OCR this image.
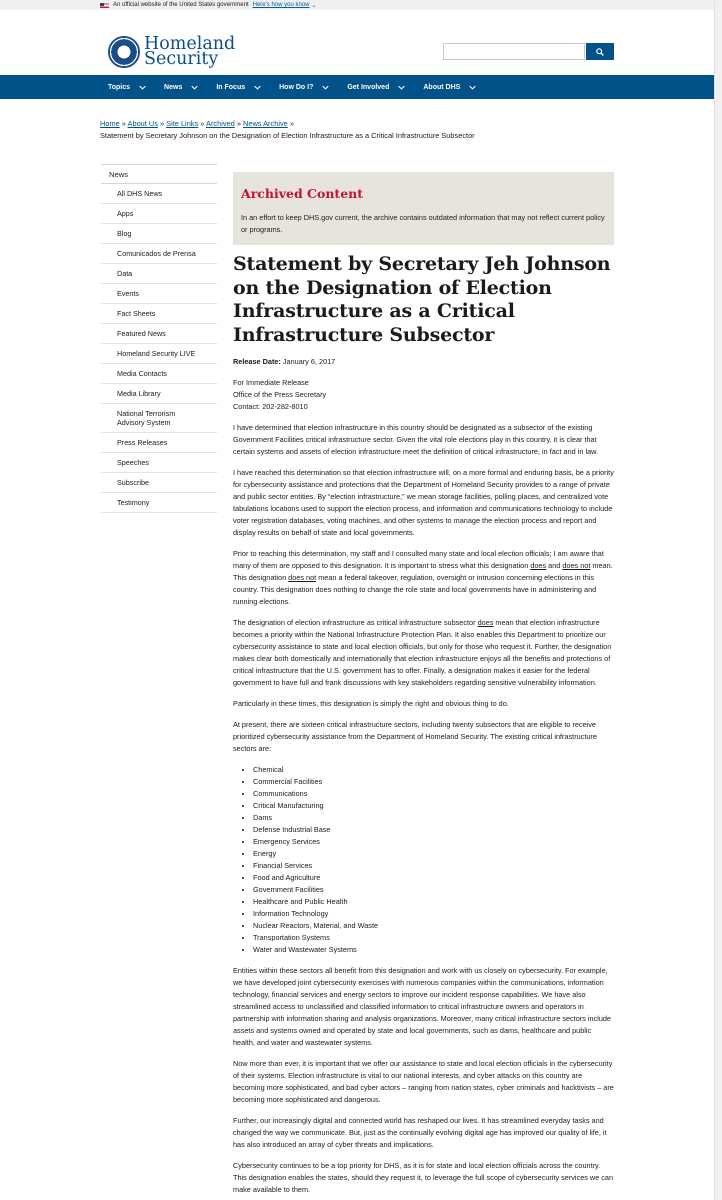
An official website of the United States government Here's how you know ⌄
Homeland
Security
Topics	News	In Focus	How Do I?	Get Involved	About DHS
Home » About Us » Site Links » Archived » News Archive »
Statement by Secretary Johnson on the Designation of Election Infrastructure as a Critical Infrastructure Subsector
News
All DHS News
Apps
Blog
Comunicados de Prensa
Data
Events
Fact Sheets
Featured News
Homeland Security LIVE
Media Contacts
Media Library
National Terrorism Advisory System
Press Releases
Speeches
Subscribe
Testimony
Archived Content

In an effort to keep DHS.gov current, the archive contains outdated information that may not reflect current policy or programs.

Statement by Secretary Jeh Johnson on the Designation of Election Infrastructure as a Critical Infrastructure Subsector
Release Date: January 6, 2017
For Immediate Release
Office of the Press Secretary
Contact: 202-282-8010

I have determined that election infrastructure in this country should be designated as a subsector of the existing Government Facilities critical infrastructure sector. Given the vital role elections play in this country, it is clear that certain systems and assets of election infrastructure meet the definition of critical infrastructure, in fact and in law.

I have reached this determination so that election infrastructure will, on a more formal and enduring basis, be a priority for cybersecurity assistance and protections that the Department of Homeland Security provides to a range of private and public sector entities. By “election infrastructure,” we mean storage facilities, polling places, and centralized vote tabulations locations used to support the election process, and information and communications technology to include voter registration databases, voting machines, and other systems to manage the election process and report and display results on behalf of state and local governments.

Prior to reaching this determination, my staff and I consulted many state and local election officials; I am aware that many of them are opposed to this designation. It is important to stress what this designation does and does not mean. This designation does not mean a federal takeover, regulation, oversight or intrusion concerning elections in this country. This designation does nothing to change the role state and local governments have in administering and running elections.

The designation of election infrastructure as critical infrastructure subsector does mean that election infrastructure becomes a priority within the National Infrastructure Protection Plan. It also enables this Department to prioritize our cybersecurity assistance to state and local election officials, but only for those who request it. Further, the designation makes clear both domestically and internationally that election infrastructure enjoys all the benefits and protections of critical infrastructure that the U.S. government has to offer. Finally, a designation makes it easier for the federal government to have full and frank discussions with key stakeholders regarding sensitive vulnerability information.

Particularly in these times, this designation is simply the right and obvious thing to do.

At present, there are sixteen critical infrastructure sectors, including twenty subsectors that are eligible to receive prioritized cybersecurity assistance from the Department of Homeland Security. The existing critical infrastructure sectors are:

• Chemical
• Commercial Facilities
• Communications
• Critical Manufacturing
• Dams
• Defense Industrial Base
• Emergency Services
• Energy
• Financial Services
• Food and Agriculture
• Government Facilities
• Healthcare and Public Health
• Information Technology
• Nuclear Reactors, Material, and Waste
• Transportation Systems
• Water and Wastewater Systems

Entities within these sectors all benefit from this designation and work with us closely on cybersecurity. For example, we have developed joint cybersecurity exercises with numerous companies within the communications, information technology, financial services and energy sectors to improve our incident response capabilities. We have also streamlined access to unclassified and classified information to critical infrastructure owners and operators in partnership with information sharing and analysis organizations. Moreover, many critical infrastructure sectors include assets and systems owned and operated by state and local governments, such as dams, healthcare and public health, and water and wastewater systems.

Now more than ever, it is important that we offer our assistance to state and local election officials in the cybersecurity of their systems. Election infrastructure is vital to our national interests, and cyber attacks on this country are becoming more sophisticated, and bad cyber actors – ranging from nation states, cyber criminals and hacktivists – are becoming more sophisticated and dangerous.

Further, our increasingly digital and connected world has reshaped our lives. It has streamlined everyday tasks and changed the way we communicate. But, just as the continually evolving digital age has improved our quality of life, it has also introduced an array of cyber threats and implications.

Cybersecurity continues to be a top priority for DHS, as it is for state and local election officials across the country. This designation enables the states, should they request it, to leverage the full scope of cybersecurity services we can make available to them.
